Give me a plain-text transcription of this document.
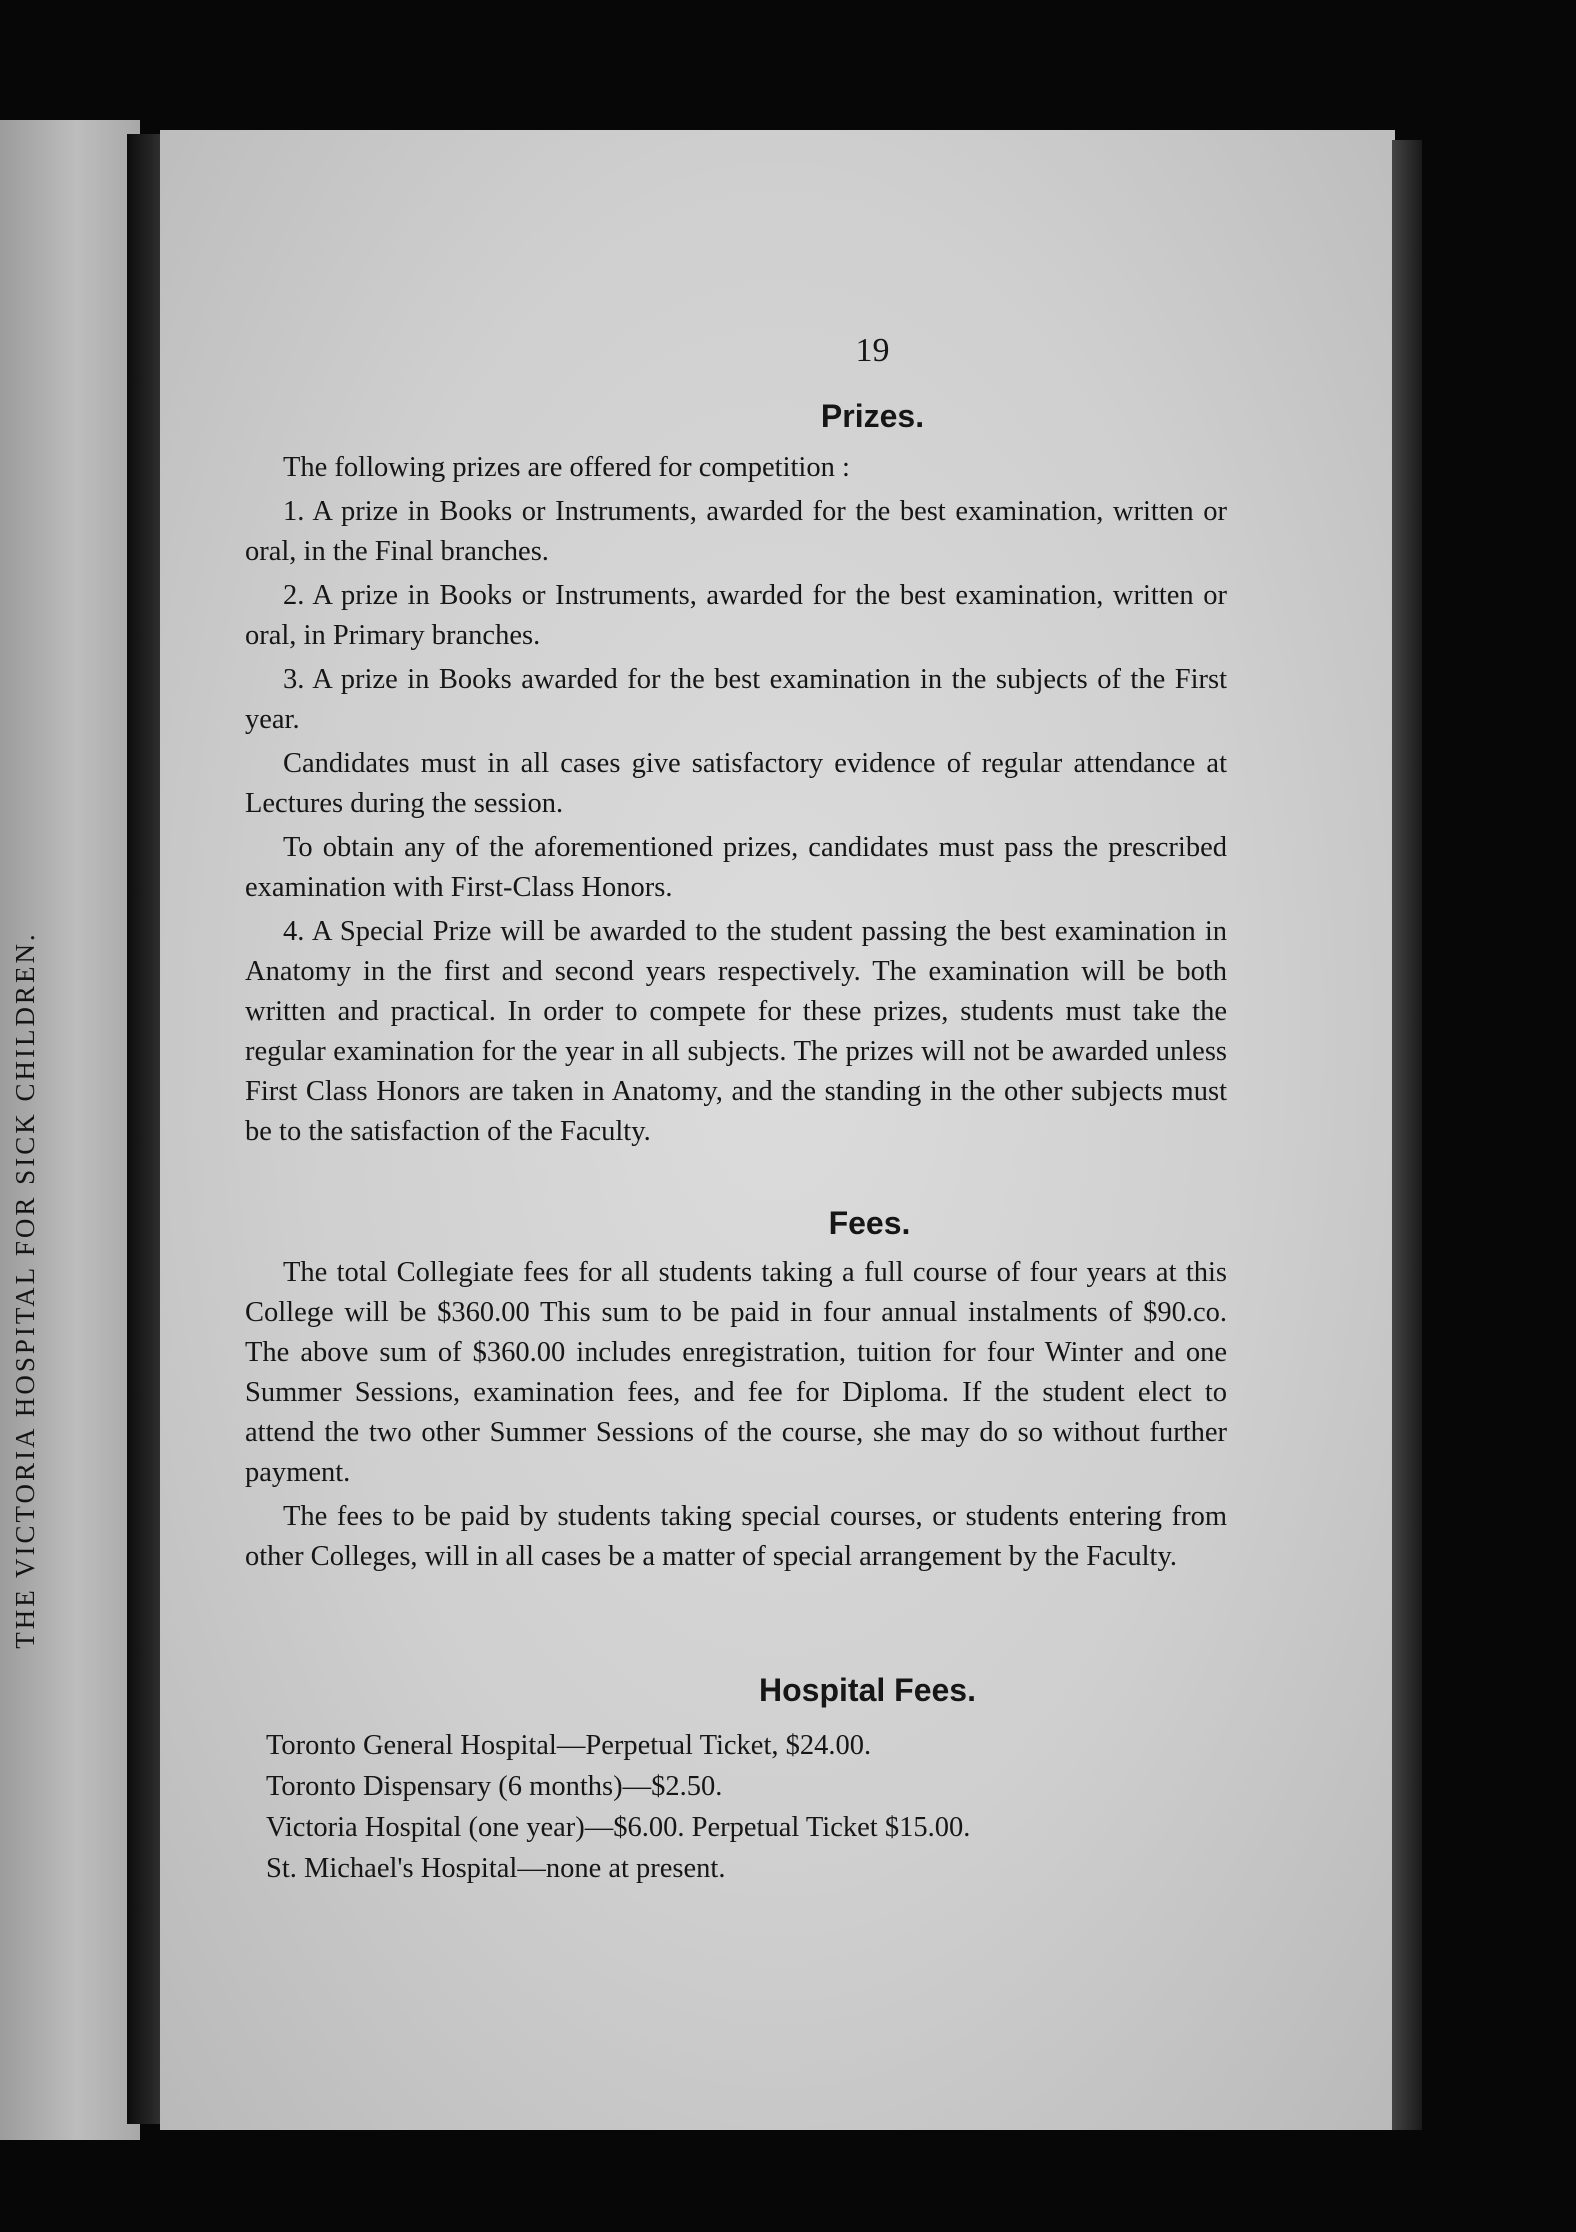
THE VICTORIA HOSPITAL FOR SICK CHILDREN.
19
Prizes.

The following prizes are offered for competition :

1. A prize in Books or Instruments, awarded for the best examination, written or oral, in the Final branches.

2. A prize in Books or Instruments, awarded for the best examination, written or oral, in Primary branches.

3. A prize in Books awarded for the best examination in the subjects of the First year.

Candidates must in all cases give satisfactory evidence of regular attendance at Lectures during the session.

To obtain any of the aforementioned prizes, candidates must pass the prescribed examination with First-Class Honors.

4. A Special Prize will be awarded to the student passing the best examination in Anatomy in the first and second years respectively. The examination will be both written and practical. In order to compete for these prizes, students must take the regular examination for the year in all subjects. The prizes will not be awarded unless First Class Honors are taken in Anatomy, and the standing in the other subjects must be to the satisfaction of the Faculty.

Fees.

The total Collegiate fees for all students taking a full course of four years at this College will be $360.00 This sum to be paid in four annual instalments of $90.co. The above sum of $360.00 includes enregistration, tuition for four Winter and one Summer Sessions, examination fees, and fee for Diploma. If the student elect to attend the two other Summer Sessions of the course, she may do so without further payment.

The fees to be paid by students taking special courses, or students entering from other Colleges, will in all cases be a matter of special arrangement by the Faculty.

Hospital Fees.

Toronto General Hospital—Perpetual Ticket, $24.00.

Toronto Dispensary (6 months)—$2.50.

Victoria Hospital (one year)—$6.00. Perpetual Ticket $15.00.

St. Michael's Hospital—none at present.
